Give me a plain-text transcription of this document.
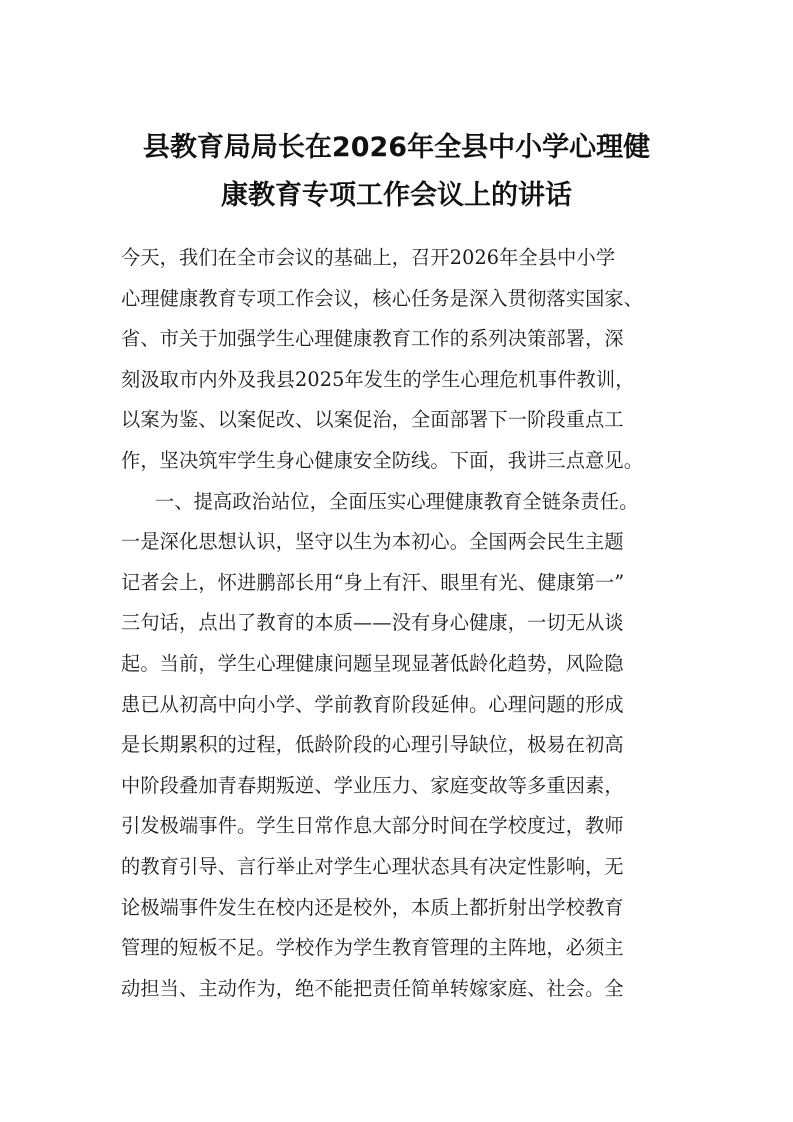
县教育局局长在2026年全县中小学心理健
康教育专项工作会议上的讲话
今天，我们在全市会议的基础上，召开2026年全县中小学
心理健康教育专项工作会议，核心任务是深入贯彻落实国家、
省、市关于加强学生心理健康教育工作的系列决策部署，深
刻汲取市内外及我县2025年发生的学生心理危机事件教训，
以案为鉴、以案促改、以案促治，全面部署下一阶段重点工
作，坚决筑牢学生身心健康安全防线。下面，我讲三点意见。
一、提高政治站位，全面压实心理健康教育全链条责任。
一是深化思想认识，坚守以生为本初心。全国两会民生主题
记者会上，怀进鹏部长用“身上有汗、眼里有光、健康第一”
三句话，点出了教育的本质——没有身心健康，一切无从谈
起。当前，学生心理健康问题呈现显著低龄化趋势，风险隐
患已从初高中向小学、学前教育阶段延伸。心理问题的形成
是长期累积的过程，低龄阶段的心理引导缺位，极易在初高
中阶段叠加青春期叛逆、学业压力、家庭变故等多重因素，
引发极端事件。学生日常作息大部分时间在学校度过，教师
的教育引导、言行举止对学生心理状态具有决定性影响，无
论极端事件发生在校内还是校外，本质上都折射出学校教育
管理的短板不足。学校作为学生教育管理的主阵地，必须主
动担当、主动作为，绝不能把责任简单转嫁家庭、社会。全
